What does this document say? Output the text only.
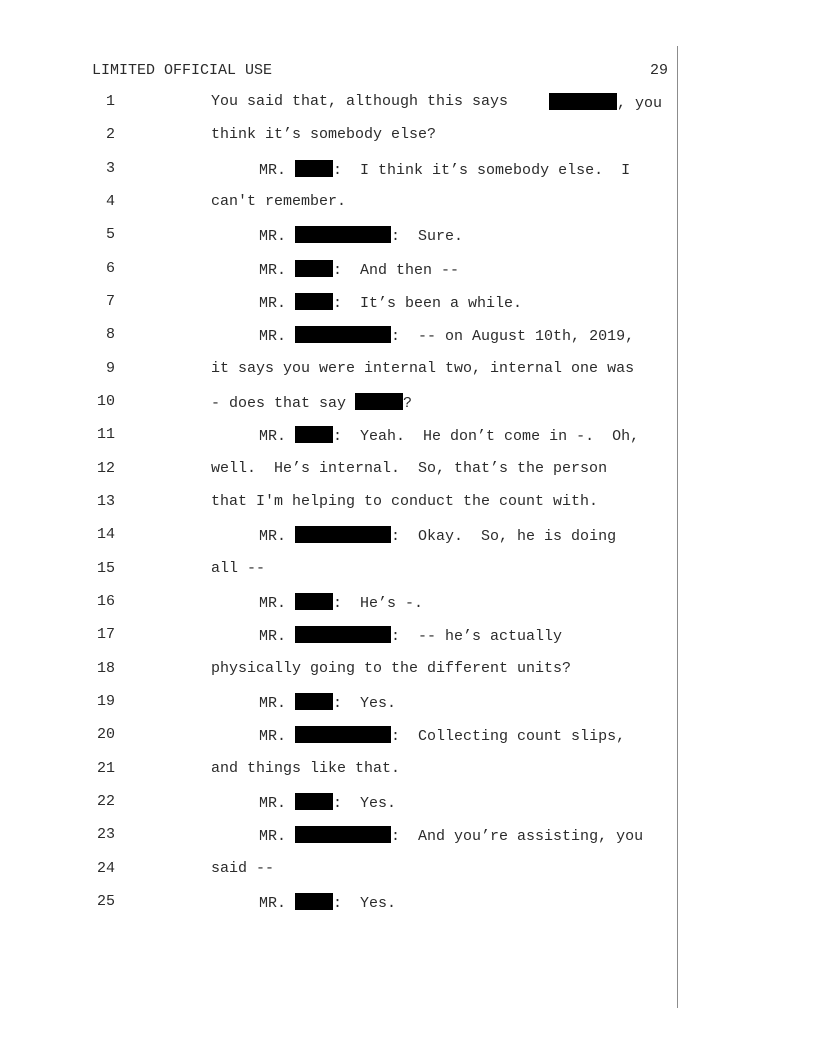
LIMITED OFFICIAL USE	29
1	You said that, although this says	, you
2	think it’s somebody else?
3	MR.	:  I think it’s somebody else.  I
4	can't remember.
5	MR.	:  Sure.
6	MR.	:  And then --
7	MR.	:  It’s been a while.
8	MR.	:  -- on August 10th, 2019,
9	it says you were internal two, internal one was
10	- does that say	?
11	MR.	:  Yeah.  He don’t come in -.  Oh,
12	well.  He’s internal.  So, that’s the person
13	that I'm helping to conduct the count with.
14	MR.	:  Okay.  So, he is doing
15	all --
16	MR.	:  He’s -.
17	MR.	:  -- he’s actually
18	physically going to the different units?
19	MR.	:  Yes.
20	MR.	:  Collecting count slips,
21	and things like that.
22	MR.	:  Yes.
23	MR.	:  And you’re assisting, you
24	said --
25	MR.	:  Yes.
